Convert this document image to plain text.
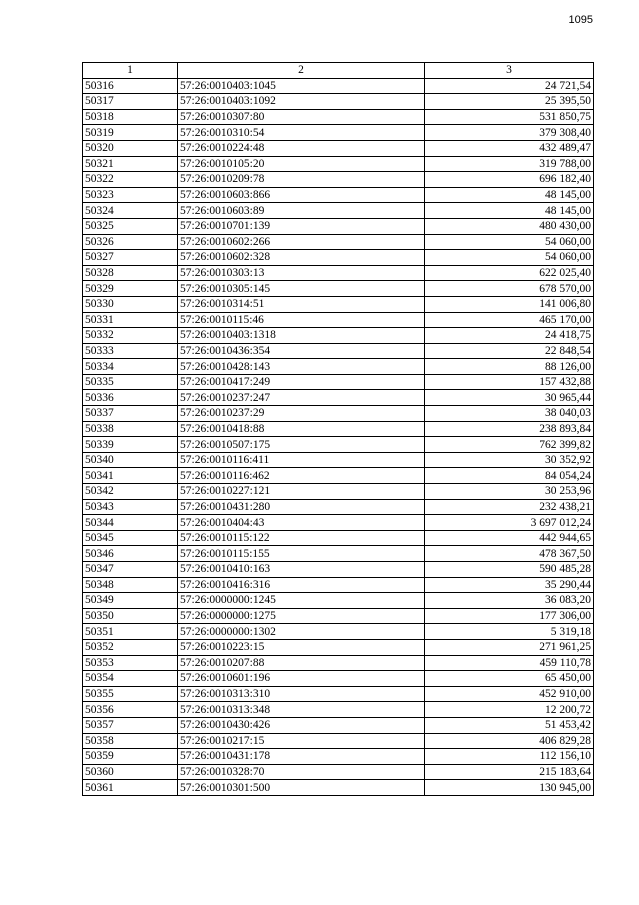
1095
1	2	3
50316	57:26:0010403:1045	24 721,54
50317	57:26:0010403:1092	25 395,50
50318	57:26:0010307:80	531 850,75
50319	57:26:0010310:54	379 308,40
50320	57:26:0010224:48	432 489,47
50321	57:26:0010105:20	319 788,00
50322	57:26:0010209:78	696 182,40
50323	57:26:0010603:866	48 145,00
50324	57:26:0010603:89	48 145,00
50325	57:26:0010701:139	480 430,00
50326	57:26:0010602:266	54 060,00
50327	57:26:0010602:328	54 060,00
50328	57:26:0010303:13	622 025,40
50329	57:26:0010305:145	678 570,00
50330	57:26:0010314:51	141 006,80
50331	57:26:0010115:46	465 170,00
50332	57:26:0010403:1318	24 418,75
50333	57:26:0010436:354	22 848,54
50334	57:26:0010428:143	88 126,00
50335	57:26:0010417:249	157 432,88
50336	57:26:0010237:247	30 965,44
50337	57:26:0010237:29	38 040,03
50338	57:26:0010418:88	238 893,84
50339	57:26:0010507:175	762 399,82
50340	57:26:0010116:411	30 352,92
50341	57:26:0010116:462	84 054,24
50342	57:26:0010227:121	30 253,96
50343	57:26:0010431:280	232 438,21
50344	57:26:0010404:43	3 697 012,24
50345	57:26:0010115:122	442 944,65
50346	57:26:0010115:155	478 367,50
50347	57:26:0010410:163	590 485,28
50348	57:26:0010416:316	35 290,44
50349	57:26:0000000:1245	36 083,20
50350	57:26:0000000:1275	177 306,00
50351	57:26:0000000:1302	5 319,18
50352	57:26:0010223:15	271 961,25
50353	57:26:0010207:88	459 110,78
50354	57:26:0010601:196	65 450,00
50355	57:26:0010313:310	452 910,00
50356	57:26:0010313:348	12 200,72
50357	57:26:0010430:426	51 453,42
50358	57:26:0010217:15	406 829,28
50359	57:26:0010431:178	112 156,10
50360	57:26:0010328:70	215 183,64
50361	57:26:0010301:500	130 945,00
